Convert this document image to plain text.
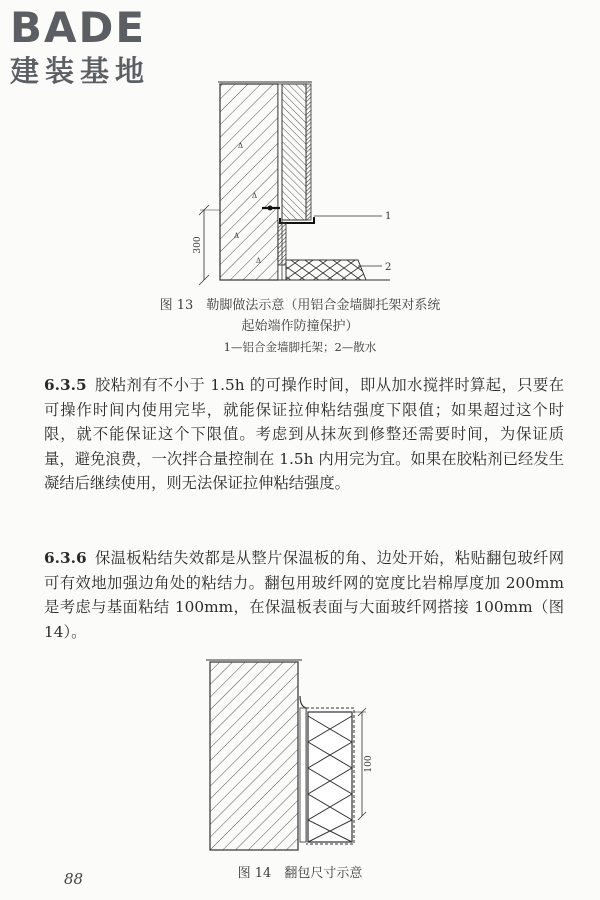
BADE
建装基地
Δ
Δ
Δ
Δ
300
1
2
图 13　勒脚做法示意（用铝合金墙脚托架对系统
起始端作防撞保护）
1—铝合金墙脚托架；2—散水

6.3.5 胶粘剂有不小于 1.5h 的可操作时间，即从加水搅拌时算起，只要在可操作时间内使用完毕，就能保证拉伸粘结强度下限值；如果超过这个时限，就不能保证这个下限值。考虑到从抹灰到修整还需要时间，为保证质量，避免浪费，一次拌合量控制在 1.5h 内用完为宜。如果在胶粘剂已经发生凝结后继续使用，则无法保证拉伸粘结强度。

6.3.6 保温板粘结失效都是从整片保温板的角、边处开始，粘贴翻包玻纤网可有效地加强边角处的粘结力。翻包用玻纤网的宽度比岩棉厚度加 200mm 是考虑与基面粘结 100mm，在保温板表面与大面玻纤网搭接 100mm（图 14）。

100
图 14　翻包尺寸示意
88
